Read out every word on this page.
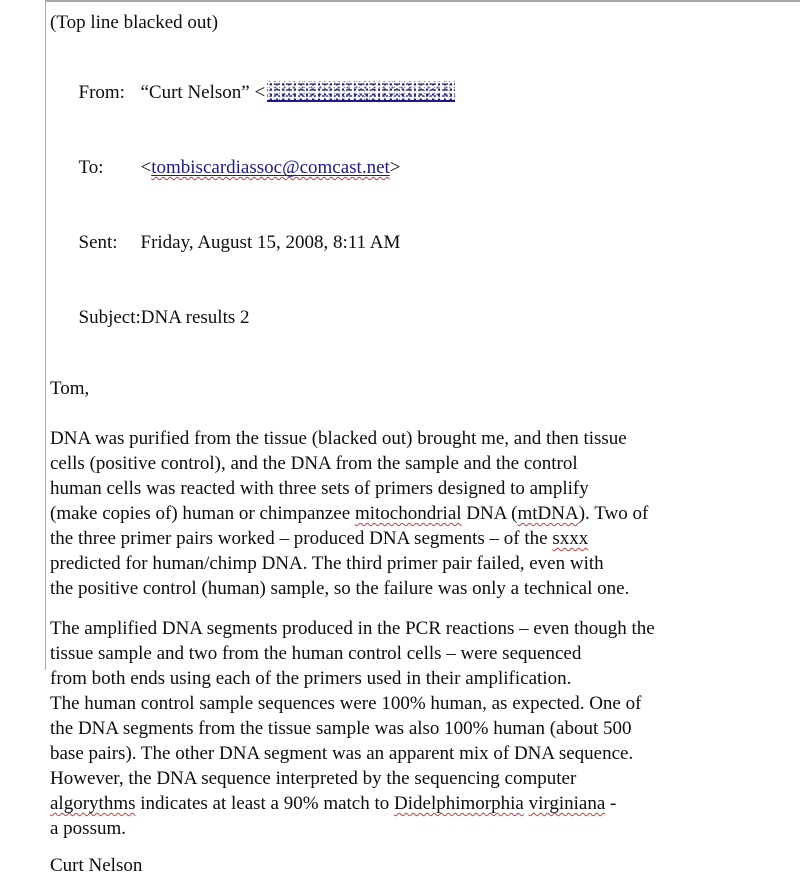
(Top line blacked out)

From: “Curt Nelson” <

To: <tombiscardiassoc@comcast.net>

Sent: Friday, August 15, 2008, 8:11 AM

Subject:DNA results 2

Tom,
DNA was purified from the tissue (blacked out) brought me, and then tissue
cells (positive control), and the DNA from the sample and the control
human cells was reacted with three sets of primers designed to amplify
(make copies of) human or chimpanzee mitochondrial DNA (mtDNA). Two of
the three primer pairs worked – produced DNA segments – of the sxxx
predicted for human/chimp DNA. The third primer pair failed, even with
the positive control (human) sample, so the failure was only a technical one.
The amplified DNA segments produced in the PCR reactions – even though the
tissue sample and two from the human control cells – were sequenced
from both ends using each of the primers used in their amplification.
The human control sample sequences were 100% human, as expected. One of
the DNA segments from the tissue sample was also 100% human (about 500
base pairs). The other DNA segment was an apparent mix of DNA sequence.
However, the DNA sequence interpreted by the sequencing computer
algorythms indicates at least a 90% match to Didelphimorphia virginiana -
a possum.
Curt Nelson
